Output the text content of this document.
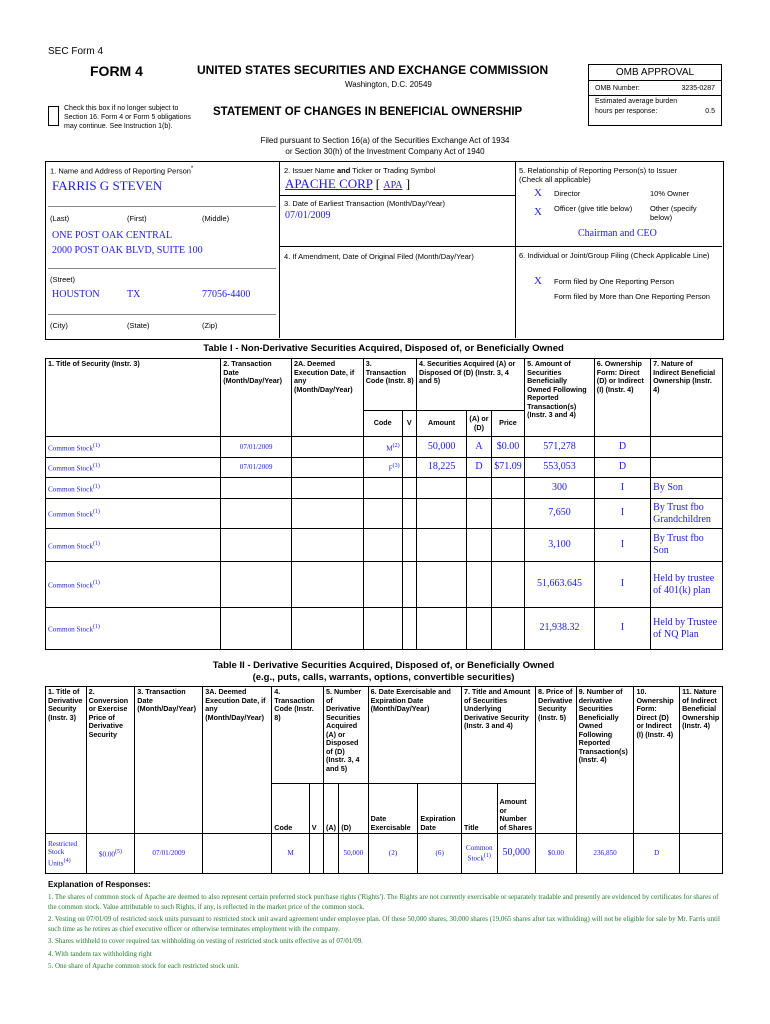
SEC Form 4
FORM 4	UNITED STATES SECURITIES AND EXCHANGE COMMISSION
Washington, D.C. 20549
OMB APPROVAL
OMB Number:	3235-0287
Estimated average burden
hours per response:	0.5
Check this box if no longer subject to Section 16. Form 4 or Form 5 obligations may continue. See Instruction 1(b).
STATEMENT OF CHANGES IN BENEFICIAL OWNERSHIP
Filed pursuant to Section 16(a) of the Securities Exchange Act of 1934
or Section 30(h) of the Investment Company Act of 1940
1. Name and Address of Reporting Person*
FARRIS G STEVEN
(Last)	(First)	(Middle)
ONE POST OAK CENTRAL
2000 POST OAK BLVD, SUITE 100
(Street)
HOUSTON	TX	77056-4400
(City)	(State)	(Zip)
2. Issuer Name and Ticker or Trading Symbol
APACHE CORP [ APA ]
3. Date of Earliest Transaction (Month/Day/Year)
07/01/2009
4. If Amendment, Date of Original Filed (Month/Day/Year)
5. Relationship of Reporting Person(s) to Issuer
(Check all applicable)
X Director	10% Owner
X Officer (give title below) Other (specify below)
Chairman and CEO
6. Individual or Joint/Group Filing (Check Applicable Line)
X Form filed by One Reporting Person
Form filed by More than One Reporting Person
Table I - Non-Derivative Securities Acquired, Disposed of, or Beneficially Owned
1. Title of Security (Instr. 3)	2. Transaction Date (Month/Day/Year)	2A. Deemed Execution Date, if any (Month/Day/Year)	3. Transaction Code (Instr. 8)		4. Securities Acquired (A) or Disposed Of (D) (Instr. 3, 4 and 5)			5. Amount of Securities Beneficially Owned Following Reported Transaction(s) (Instr. 3 and 4)	6. Ownership Form: Direct (D) or Indirect (I) (Instr. 4)	7. Nature of Indirect Beneficial Ownership (Instr. 4)
			Code	V	Amount	(A) or (D)	Price			
Common Stock$^{(1)}$	07/01/2009		$M^{(2)}$		50,000	A	$0.00	571,278	D	
Common Stock$^{(1)}$	07/01/2009		$F^{(3)}$		18,225	D	$71.09	553,053	D	
Common Stock$^{(1)}$								300	I	By Son
Common Stock$^{(1)}$								7,650	I	By Trust fbo Grandchildren
Common Stock$^{(1)}$								3,100	I	By Trust fbo Son
Common Stock$^{(1)}$								51,663.645	I	Held by trustee of 401(k) plan
Common Stock$^{(1)}$								21,938.32	I	Held by Trustee of NQ Plan
Table II - Derivative Securities Acquired, Disposed of, or Beneficially Owned
(e.g., puts, calls, warrants, options, convertible securities)
1. Title of Derivative Security (Instr. 3)	2. Conversion or Exercise Price of Derivative Security	3. Transaction Date (Month/Day/Year)	3A. Deemed Execution Date, if any (Month/Day/Year)	4. Transaction Code (Instr. 8)		5. Number of Derivative Securities Acquired (A) or Disposed of (D) (Instr. 3, 4 and 5)		6. Date Exercisable and Expiration Date (Month/Day/Year)		7. Title and Amount of Securities Underlying Derivative Security (Instr. 3 and 4)		8. Price of Derivative Security (Instr. 5)	9. Number of derivative Securities Beneficially Owned Following Reported Transaction(s) (Instr. 4)	10. Ownership Form: Direct (D) or Indirect (I) (Instr. 4)	11. Nature of Indirect Beneficial Ownership (Instr. 4)
				Code	V	(A)	(D)	Date Exercisable	Expiration Date	Title	Amount or Number of Shares				
Restricted Stock Units$^{(4)}$	$0.00$^{(5)}$	07/01/2009		M			50,000	(2)	(6)	Common Stock$^{(1)}$	50,000	$0.00	236,850	D	
Explanation of Responses:
1. The shares of common stock of Apache are deemed to also represent certain preferred stock purchase rights ('Rights'). The Rights are not currently exercisable or separately tradable and presently are evidenced by certificates for shares of the common stock. Value attributable to such Rights, if any, is reflected in the market price of the common stock.
2. Vesting on 07/01/09 of restricted stock units pursuant to restricted stock unit award agreement under employee plan. Of these 50,000 shares, 30,000 shares (19,065 shares after tax witholding) will not be eligible for sale by Mr. Farris until such time as he retires as chief executive officer or otherwise terminates employment with the company.
3. Shares withheld to cover required tax withholding on vesting of restricted stock units effective as of 07/01/09.
4. With tandem tax withholding right
5. One share of Apache common stock for each restricted stock unit.
